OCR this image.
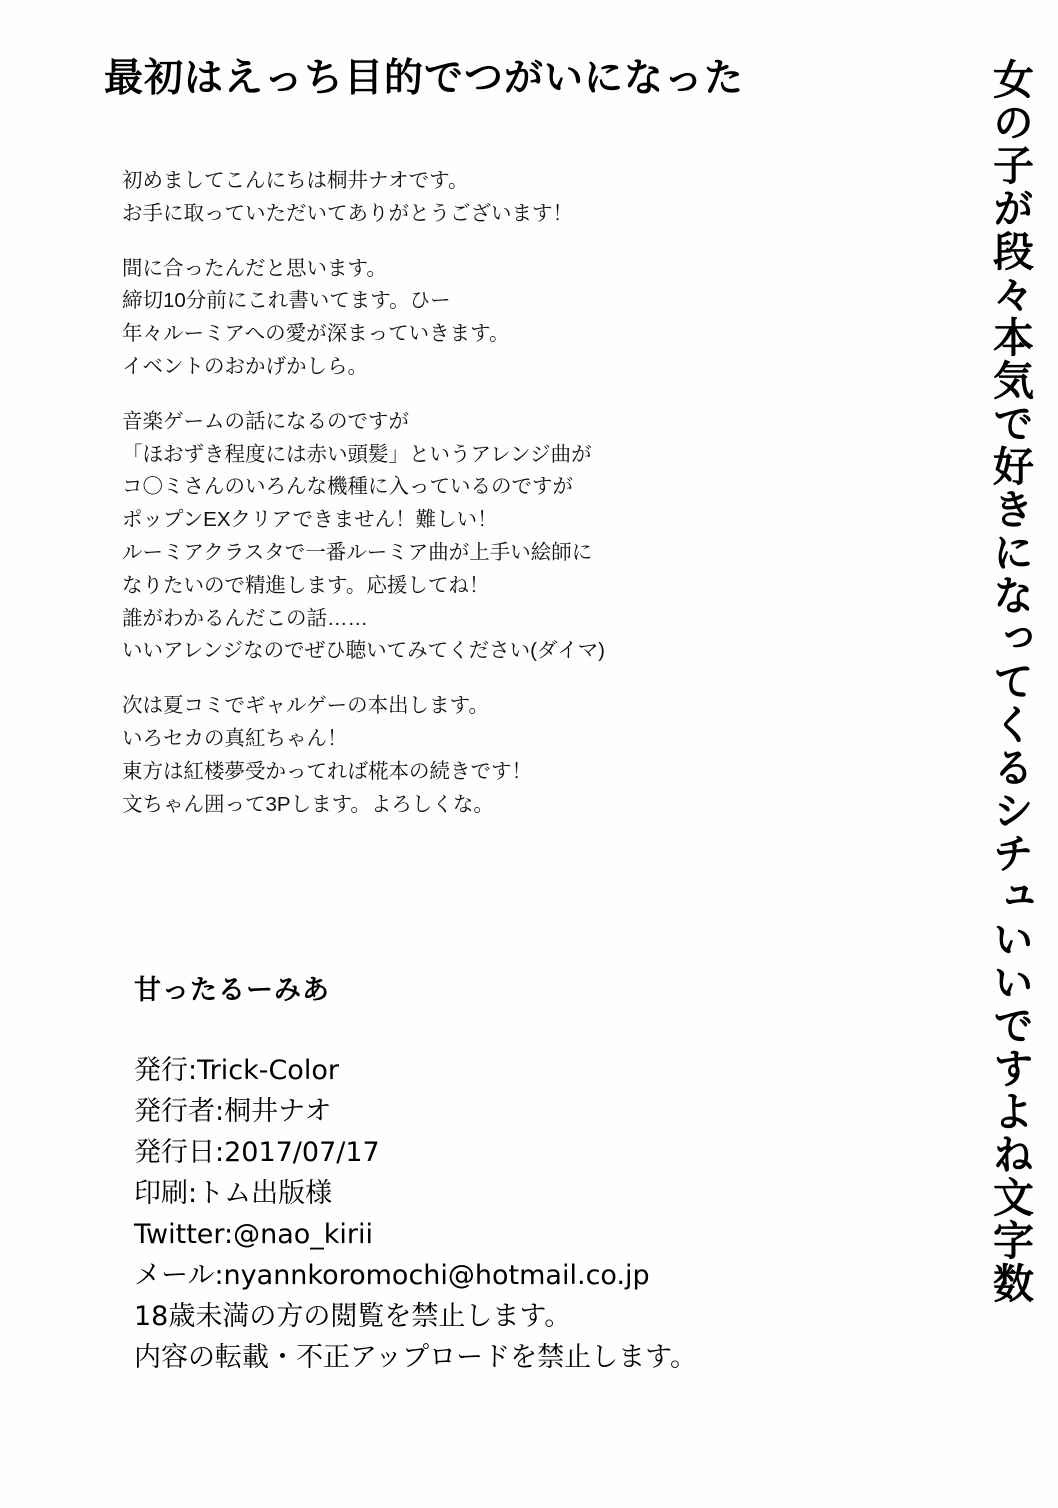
最初はえっち目的でつがいになった	女の子が段々本気で好きになってくるシチュいいですよね文字数
初めましてこんにちは桐井ナオです。
お手に取っていただいてありがとうございます！
間に合ったんだと思います。
締切10分前にこれ書いてます。ひー
年々ルーミアへの愛が深まっていきます。
イベントのおかげかしら。
音楽ゲームの話になるのですが
「ほおずき程度には赤い頭髪」というアレンジ曲が
コ〇ミさんのいろんな機種に入っているのですが
ポップンEXクリアできません！難しい！
ルーミアクラスタで一番ルーミア曲が上手い絵師に
なりたいので精進します。応援してね！
誰がわかるんだこの話……
いいアレンジなのでぜひ聴いてみてください(ダイマ)
次は夏コミでギャルゲーの本出します。
いろセカの真紅ちゃん！
東方は紅楼夢受かってれば椛本の続きです！
文ちゃん囲って3Pします。よろしくな。
甘ったるーみあ
発行:Trick-Color
発行者:桐井ナオ
発行日:2017/07/17
印刷:トム出版様
Twitter:@nao_kirii
メール:nyannkoromochi@hotmail.co.jp
18歳未満の方の閲覧を禁止します。
内容の転載・不正アップロードを禁止します。
